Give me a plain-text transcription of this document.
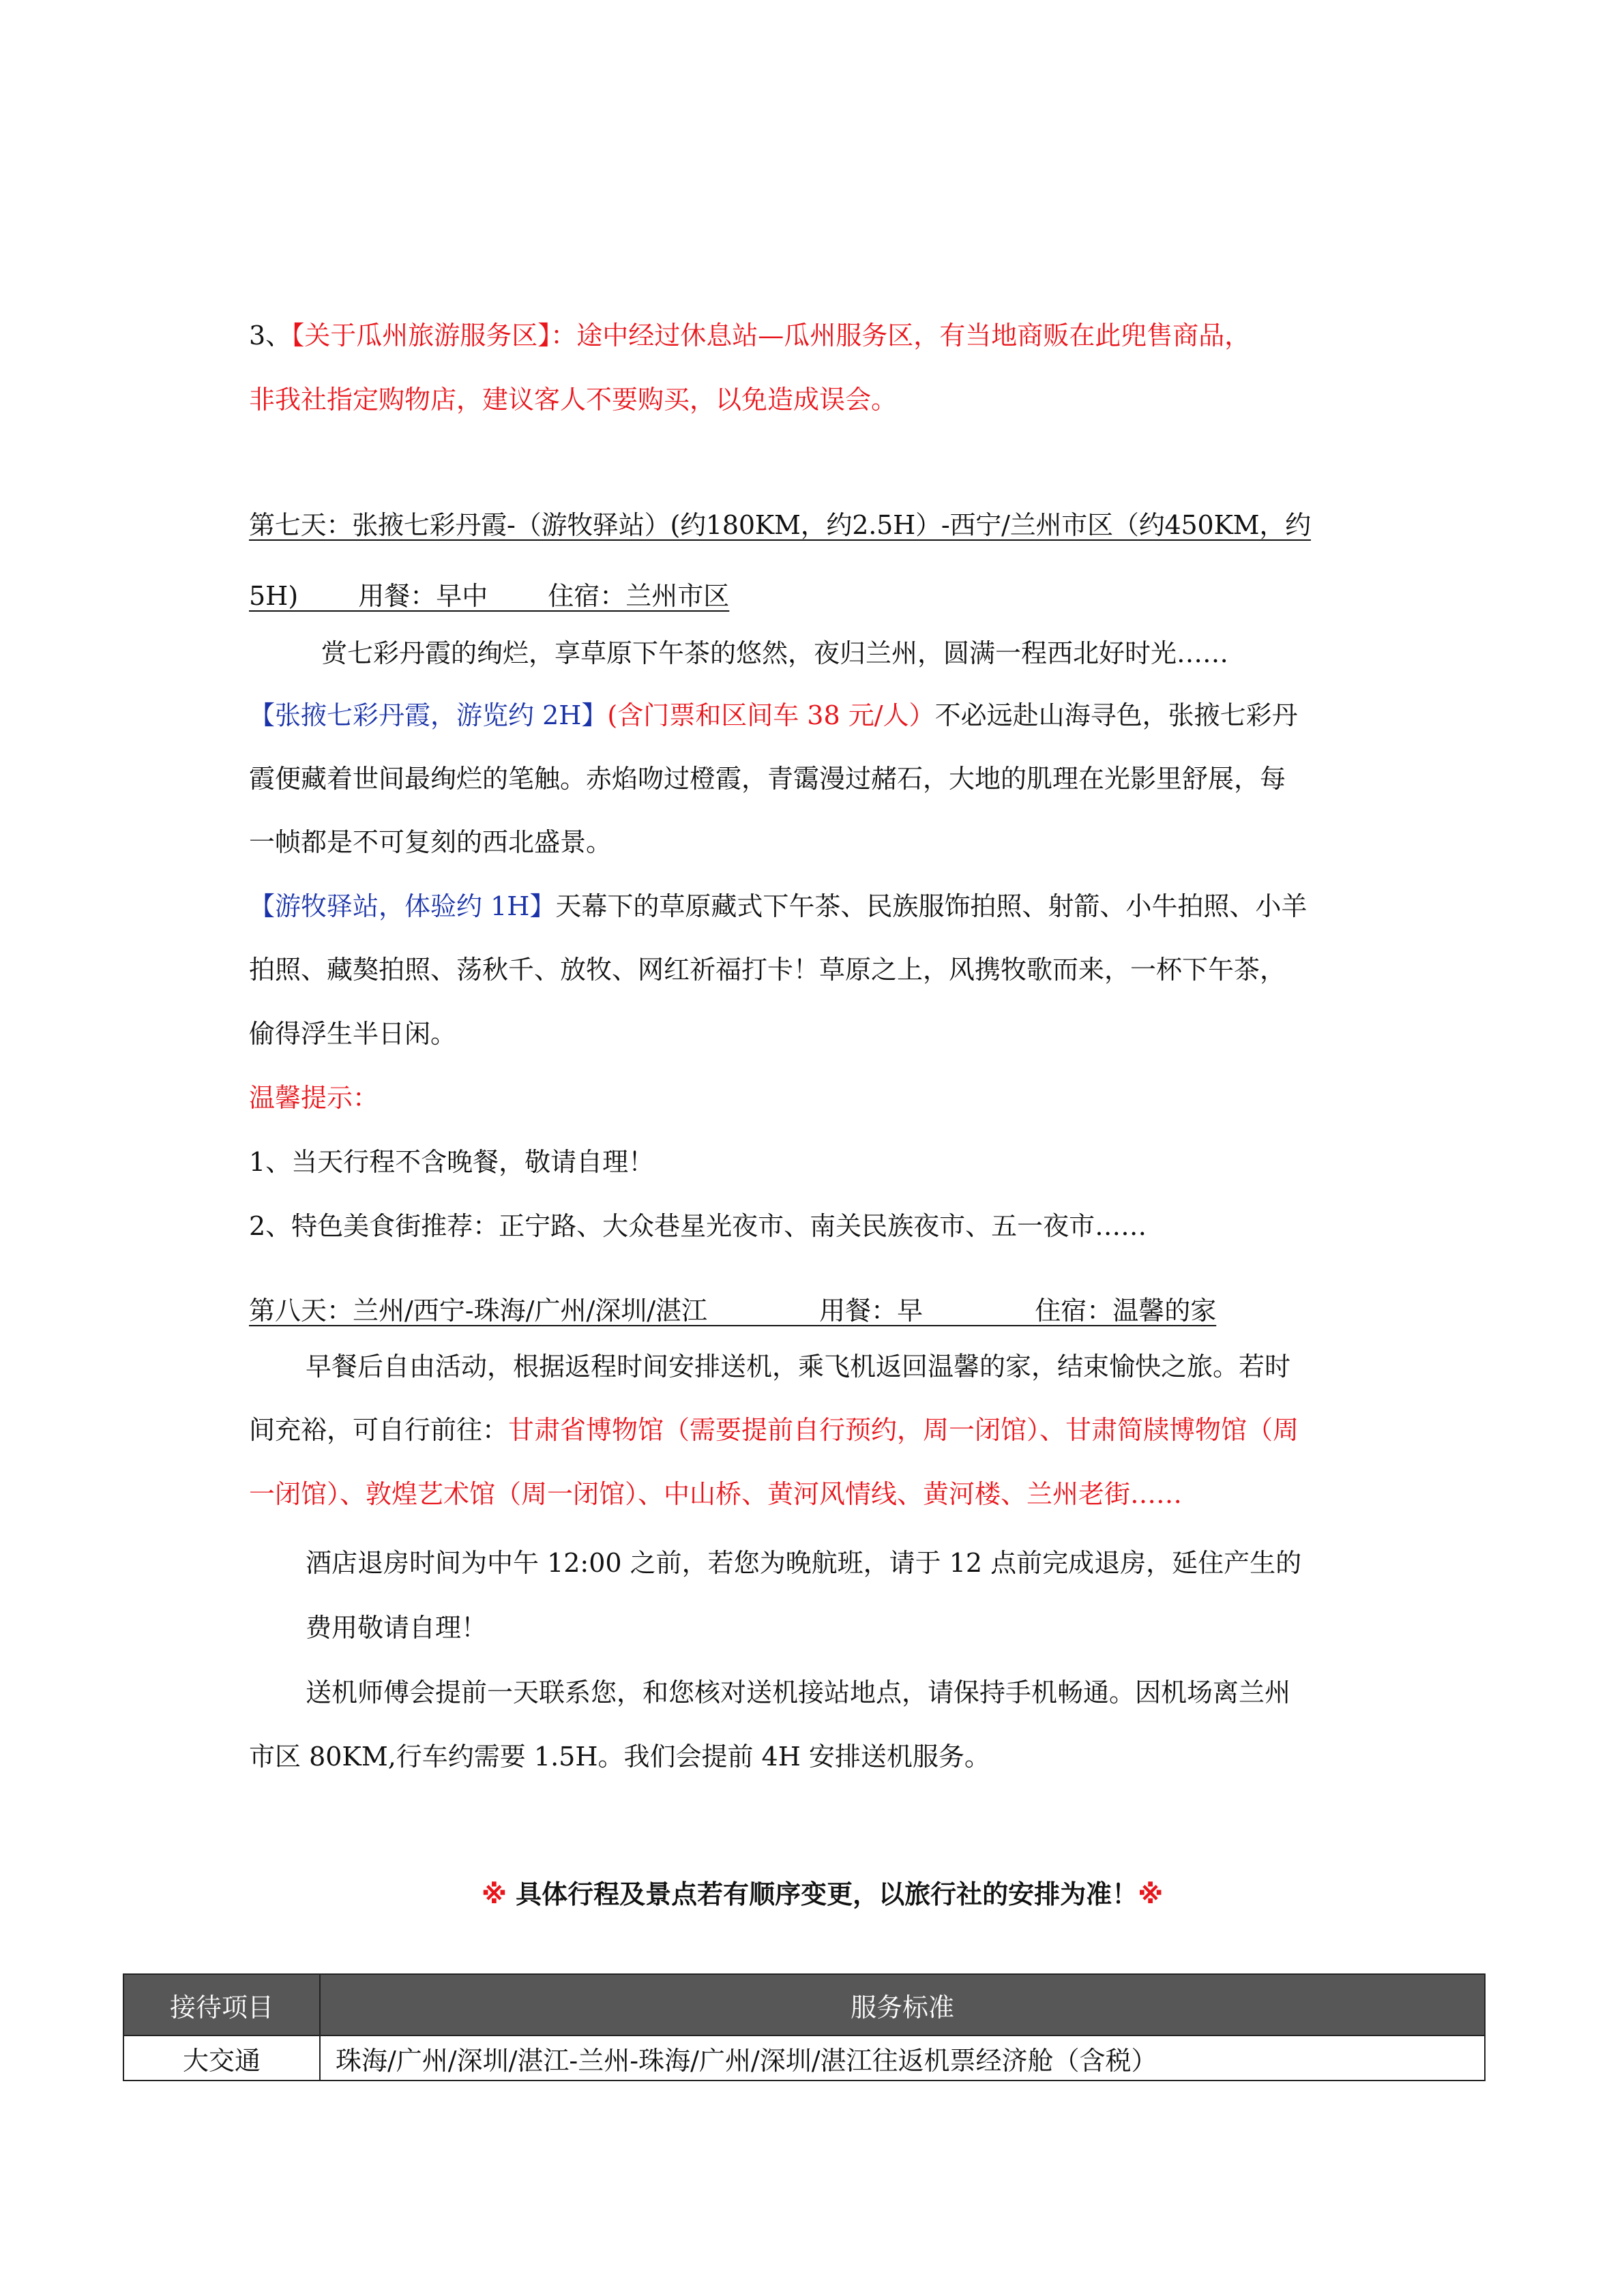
3、【关于瓜州旅游服务区】：途中经过休息站—瓜州服务区，有当地商贩在此兜售商品，
非我社指定购物店，建议客人不要购买，以免造成误会。
第七天：张掖七彩丹霞-（游牧驿站）(约180KM，约2.5H）-西宁/兰州市区（约450KM，约
5H)　　 用餐：早中　　 住宿：兰州市区
赏七彩丹霞的绚烂，享草原下午茶的悠然，夜归兰州，圆满一程西北好时光……
【张掖七彩丹霞，游览约 2H】(含门票和区间车 38 元/人）不必远赴山海寻色，张掖七彩丹
霞便藏着世间最绚烂的笔触。赤焰吻过橙霞，青霭漫过赭石，大地的肌理在光影里舒展，每
一帧都是不可复刻的西北盛景。
【游牧驿站，体验约 1H】天幕下的草原藏式下午茶、民族服饰拍照、射箭、小牛拍照、小羊
拍照、藏獒拍照、荡秋千、放牧、网红祈福打卡！草原之上，风携牧歌而来，一杯下午茶，
偷得浮生半日闲。
温馨提示：
1、当天行程不含晚餐，敬请自理！
2、特色美食街推荐：正宁路、大众巷星光夜市、南关民族夜市、五一夜市……
第八天：兰州/西宁-珠海/广州/深圳/湛江　　　　 用餐：早　　　　 住宿：温馨的家
早餐后自由活动，根据返程时间安排送机，乘飞机返回温馨的家，结束愉快之旅。若时
间充裕，可自行前往：甘肃省博物馆（需要提前自行预约，周一闭馆）、甘肃简牍博物馆（周
一闭馆）、敦煌艺术馆（周一闭馆）、中山桥、黄河风情线、黄河楼、兰州老街……
酒店退房时间为中午 12:00 之前，若您为晚航班，请于 12 点前完成退房，延住产生的
费用敬请自理！
送机师傅会提前一天联系您，和您核对送机接站地点，请保持手机畅通。因机场离兰州
市区 80KM,行车约需要 1.5H。我们会提前 4H 安排送机服务。
※ 具体行程及景点若有顺序变更，以旅行社的安排为准！※
接待项目	服务标准
大交通	珠海/广州/深圳/湛江-兰州-珠海/广州/深圳/湛江往返机票经济舱（含税）
